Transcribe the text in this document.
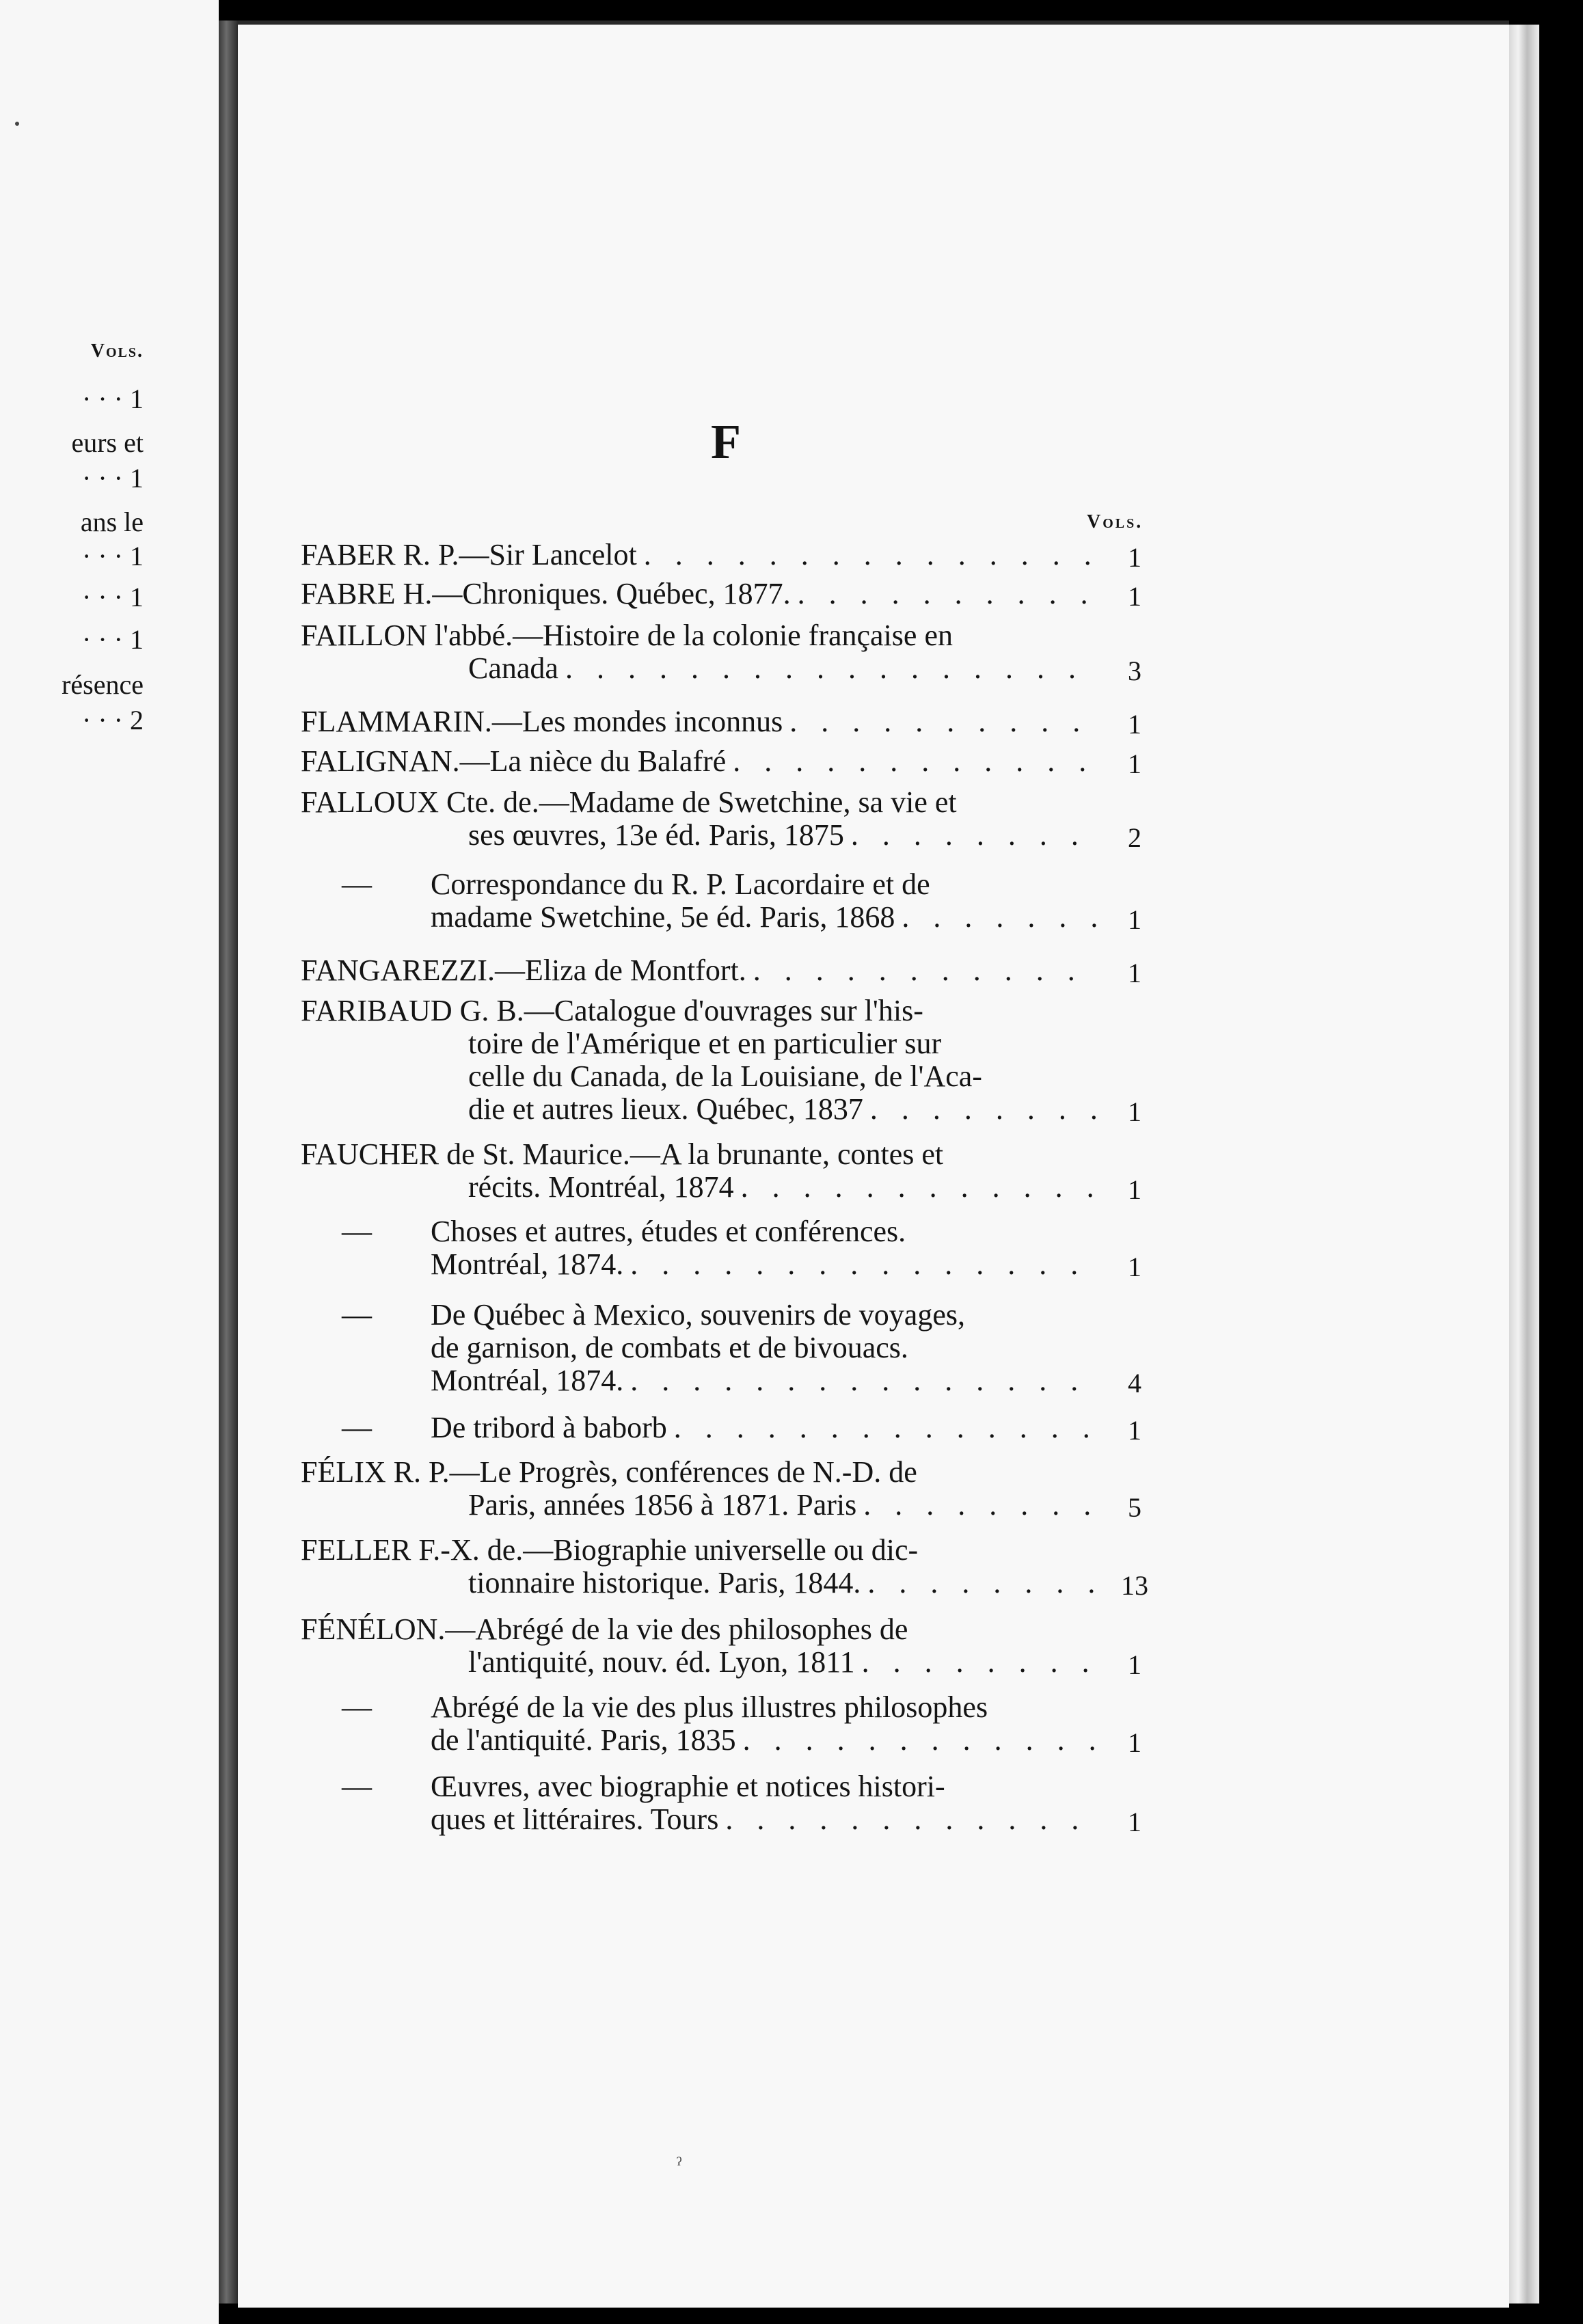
Vols.
· · · 1
eurs et
· · · 1
ans le
· · · 1
· · · 1
· · · 1
résence
· · · 2
F
Vols.
FABER R. P.—Sir Lancelot . . .	1
FABRE H.—Chroniques. Québec, 1877. . . .	1
FAILLON l'abbé.—Histoire de la colonie française en
Canada . . .	3
FLAMMARIN.—Les mondes inconnus . . .	1
FALIGNAN.—La nièce du Balafré . . .	1
FALLOUX Cte. de.—Madame de Swetchine, sa vie et
ses œuvres, 13e éd. Paris, 1875 . . .	2
—	Correspondance du R. P. Lacordaire et de
madame Swetchine, 5e éd. Paris, 1868 . . .	1
FANGAREZZI.—Eliza de Montfort. . . .	1
FARIBAUD G. B.—Catalogue d'ouvrages sur l'his-
toire de l'Amérique et en particulier sur
celle du Canada, de la Louisiane, de l'Aca-
die et autres lieux. Québec, 1837 . . .	1
FAUCHER de St. Maurice.—A la brunante, contes et
récits. Montréal, 1874 . . .	1
—	Choses et autres, études et conférences.
Montréal, 1874. . . .	1
—	De Québec à Mexico, souvenirs de voyages,
de garnison, de combats et de bivouacs.
Montréal, 1874. . . .	4
—	De tribord à baborb . . .	1
FÉLIX R. P.—Le Progrès, conférences de N.-D. de
Paris, années 1856 à 1871. Paris . . .	5
FELLER F.-X. de.—Biographie universelle ou dic-
tionnaire historique. Paris, 1844. . . .	13
FÉNÉLON.—Abrégé de la vie des philosophes de
l'antiquité, nouv. éd. Lyon, 1811 . . .	1
—	Abrégé de la vie des plus illustres philosophes
de l'antiquité. Paris, 1835 . . .	1
—	Œuvres, avec biographie et notices histori-
ques et littéraires. Tours . . .	1
ˀ
